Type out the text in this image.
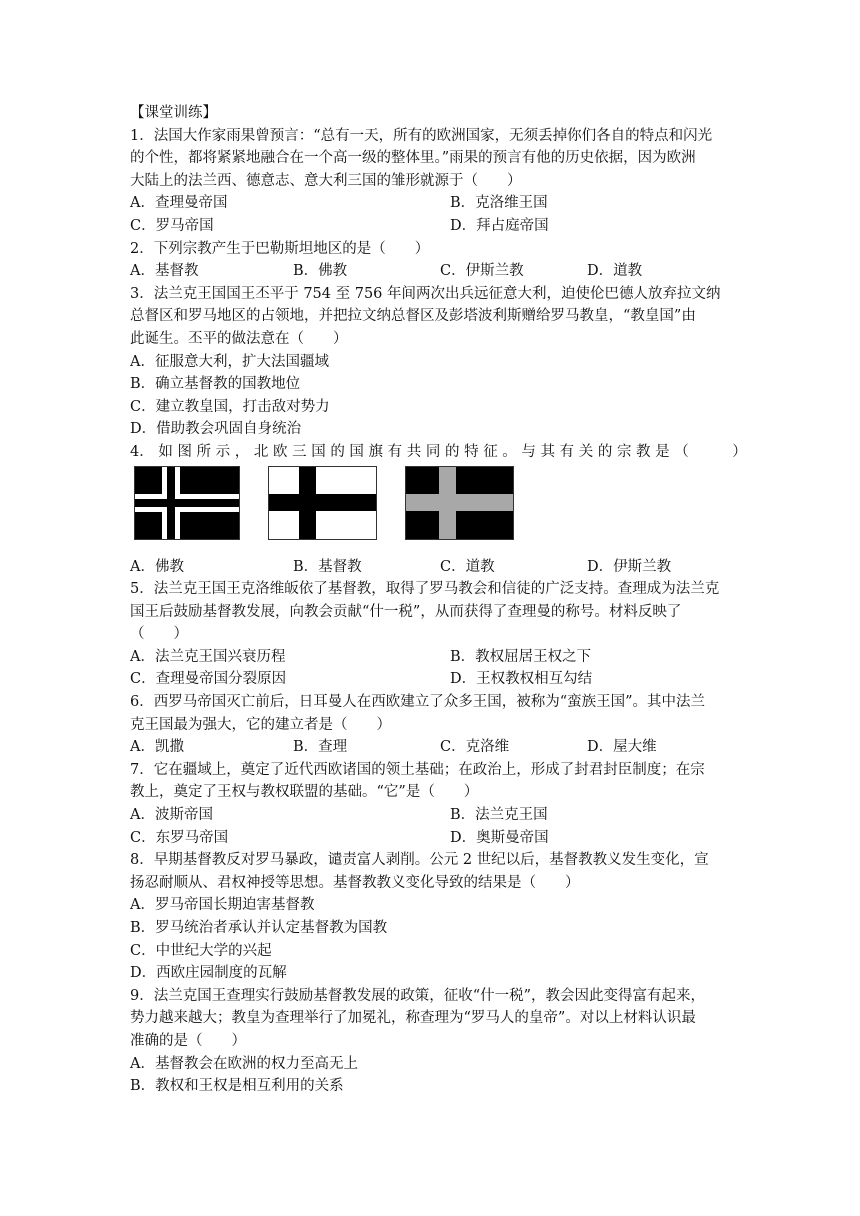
【课堂训练】
1．法国大作家雨果曾预言：“总有一天，所有的欧洲国家，无须丢掉你们各自的特点和闪光
的个性，都将紧紧地融合在一个高一级的整体里。”雨果的预言有他的历史依据，因为欧洲
大陆上的法兰西、德意志、意大利三国的雏形就源于（　　）
A．查理曼帝国	B．克洛维王国
C．罗马帝国	D．拜占庭帝国
2．下列宗教产生于巴勒斯坦地区的是（　　）
A．基督教	B．佛教	C．伊斯兰教	D．道教
3．法兰克王国国王丕平于 754 至 756 年间两次出兵远征意大利，迫使伦巴德人放弃拉文纳
总督区和罗马地区的占领地，并把拉文纳总督区及彭塔波利斯赠给罗马教皇，“教皇国”由
此诞生。丕平的做法意在（　　）
A．征服意大利，扩大法国疆域
B．确立基督教的国教地位
C．建立教皇国，打击敌对势力
D．借助教会巩固自身统治
4． 如 图 所 示 ， 北 欧 三 国 的 国 旗 有 共 同 的 特 征 。 与 其 有 关 的 宗 教 是 （　　　）
A．佛教	B．基督教	C．道教	D．伊斯兰教
5．法兰克王国王克洛维皈依了基督教，取得了罗马教会和信徒的广泛支持。查理成为法兰克
国王后鼓励基督教发展，向教会贡献“什一税”，从而获得了查理曼的称号。材料反映了
（　　）
A．法兰克王国兴衰历程	B．教权屈居王权之下
C．查理曼帝国分裂原因	D．王权教权相互勾结
6．西罗马帝国灭亡前后，日耳曼人在西欧建立了众多王国，被称为“蛮族王国”。其中法兰
克王国最为强大，它的建立者是（　　）
A．凯撒	B．查理	C．克洛维	D．屋大维
7．它在疆域上，奠定了近代西欧诸国的领土基础；在政治上，形成了封君封臣制度；在宗
教上，奠定了王权与教权联盟的基础。“它”是（　　）
A．波斯帝国	B．法兰克王国
C．东罗马帝国	D．奥斯曼帝国
8．早期基督教反对罗马暴政，谴责富人剥削。公元 2 世纪以后，基督教教义发生变化，宣
扬忍耐顺从、君权神授等思想。基督教教义变化导致的结果是（　　）
A．罗马帝国长期迫害基督教
B．罗马统治者承认并认定基督教为国教
C．中世纪大学的兴起
D．西欧庄园制度的瓦解
9．法兰克国王查理实行鼓励基督教发展的政策，征收“什一税”，教会因此变得富有起来，
势力越来越大；教皇为查理举行了加冕礼，称查理为“罗马人的皇帝”。对以上材料认识最
准确的是（　　）
A．基督教会在欧洲的权力至高无上
B．教权和王权是相互利用的关系
